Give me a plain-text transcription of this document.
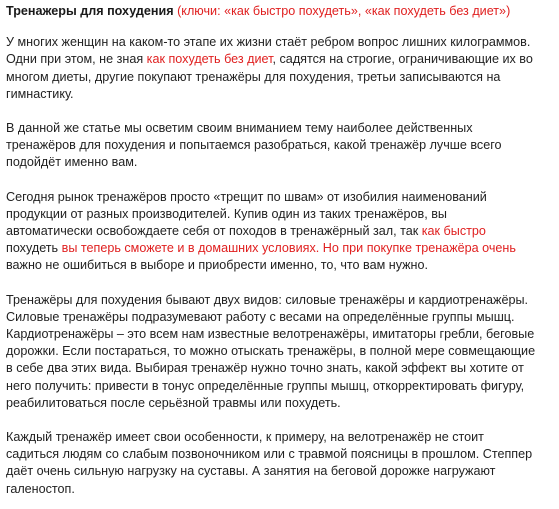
Тренажеры для похудения (ключи: «как быстро похудеть», «как похудеть без диет»)

У многих женщин на каком-то этапе их жизни стаёт ребром вопрос лишних килограммов.
Одни при этом, не зная как похудеть без диет, садятся на строгие, ограничивающие их во
многом диеты, другие покупают тренажёры для похудения, третьи записываются на
гимнастику.

В данной же статье мы осветим своим вниманием тему наиболее действенных
тренажёров для похудения и попытаемся разобраться, какой тренажёр лучше всего
подойдёт именно вам.

Сегодня рынок тренажёров просто «трещит по швам» от изобилия наименований
продукции от разных производителей. Купив один из таких тренажёров, вы
автоматически освобождаете себя от походов в тренажёрный зал, так как быстро
похудеть вы теперь сможете и в домашних условиях. Но при покупке тренажёра очень
важно не ошибиться в выборе и приобрести именно, то, что вам нужно.

Тренажёры для похудения бывают двух видов: силовые тренажёры и кардиотренажёры.
Силовые тренажёры подразумевают работу с весами на определённые группы мышц.
Кардиотренажёры – это всем нам известные велотренажёры, имитаторы гребли, беговые
дорожки. Если постараться, то можно отыскать тренажёры, в полной мере совмещающие
в себе два этих вида. Выбирая тренажёр нужно точно знать, какой эффект вы хотите от
него получить: привести в тонус определённые группы мышц, откорректировать фигуру,
реабилитоваться после серьёзной травмы или похудеть.

Каждый тренажёр имеет свои особенности, к примеру, на велотренажёр не стоит
садиться людям со слабым позвоночником или с травмой поясницы в прошлом. Степпер
даёт очень сильную нагрузку на суставы. А занятия на беговой дорожке нагружают
галеностоп.
